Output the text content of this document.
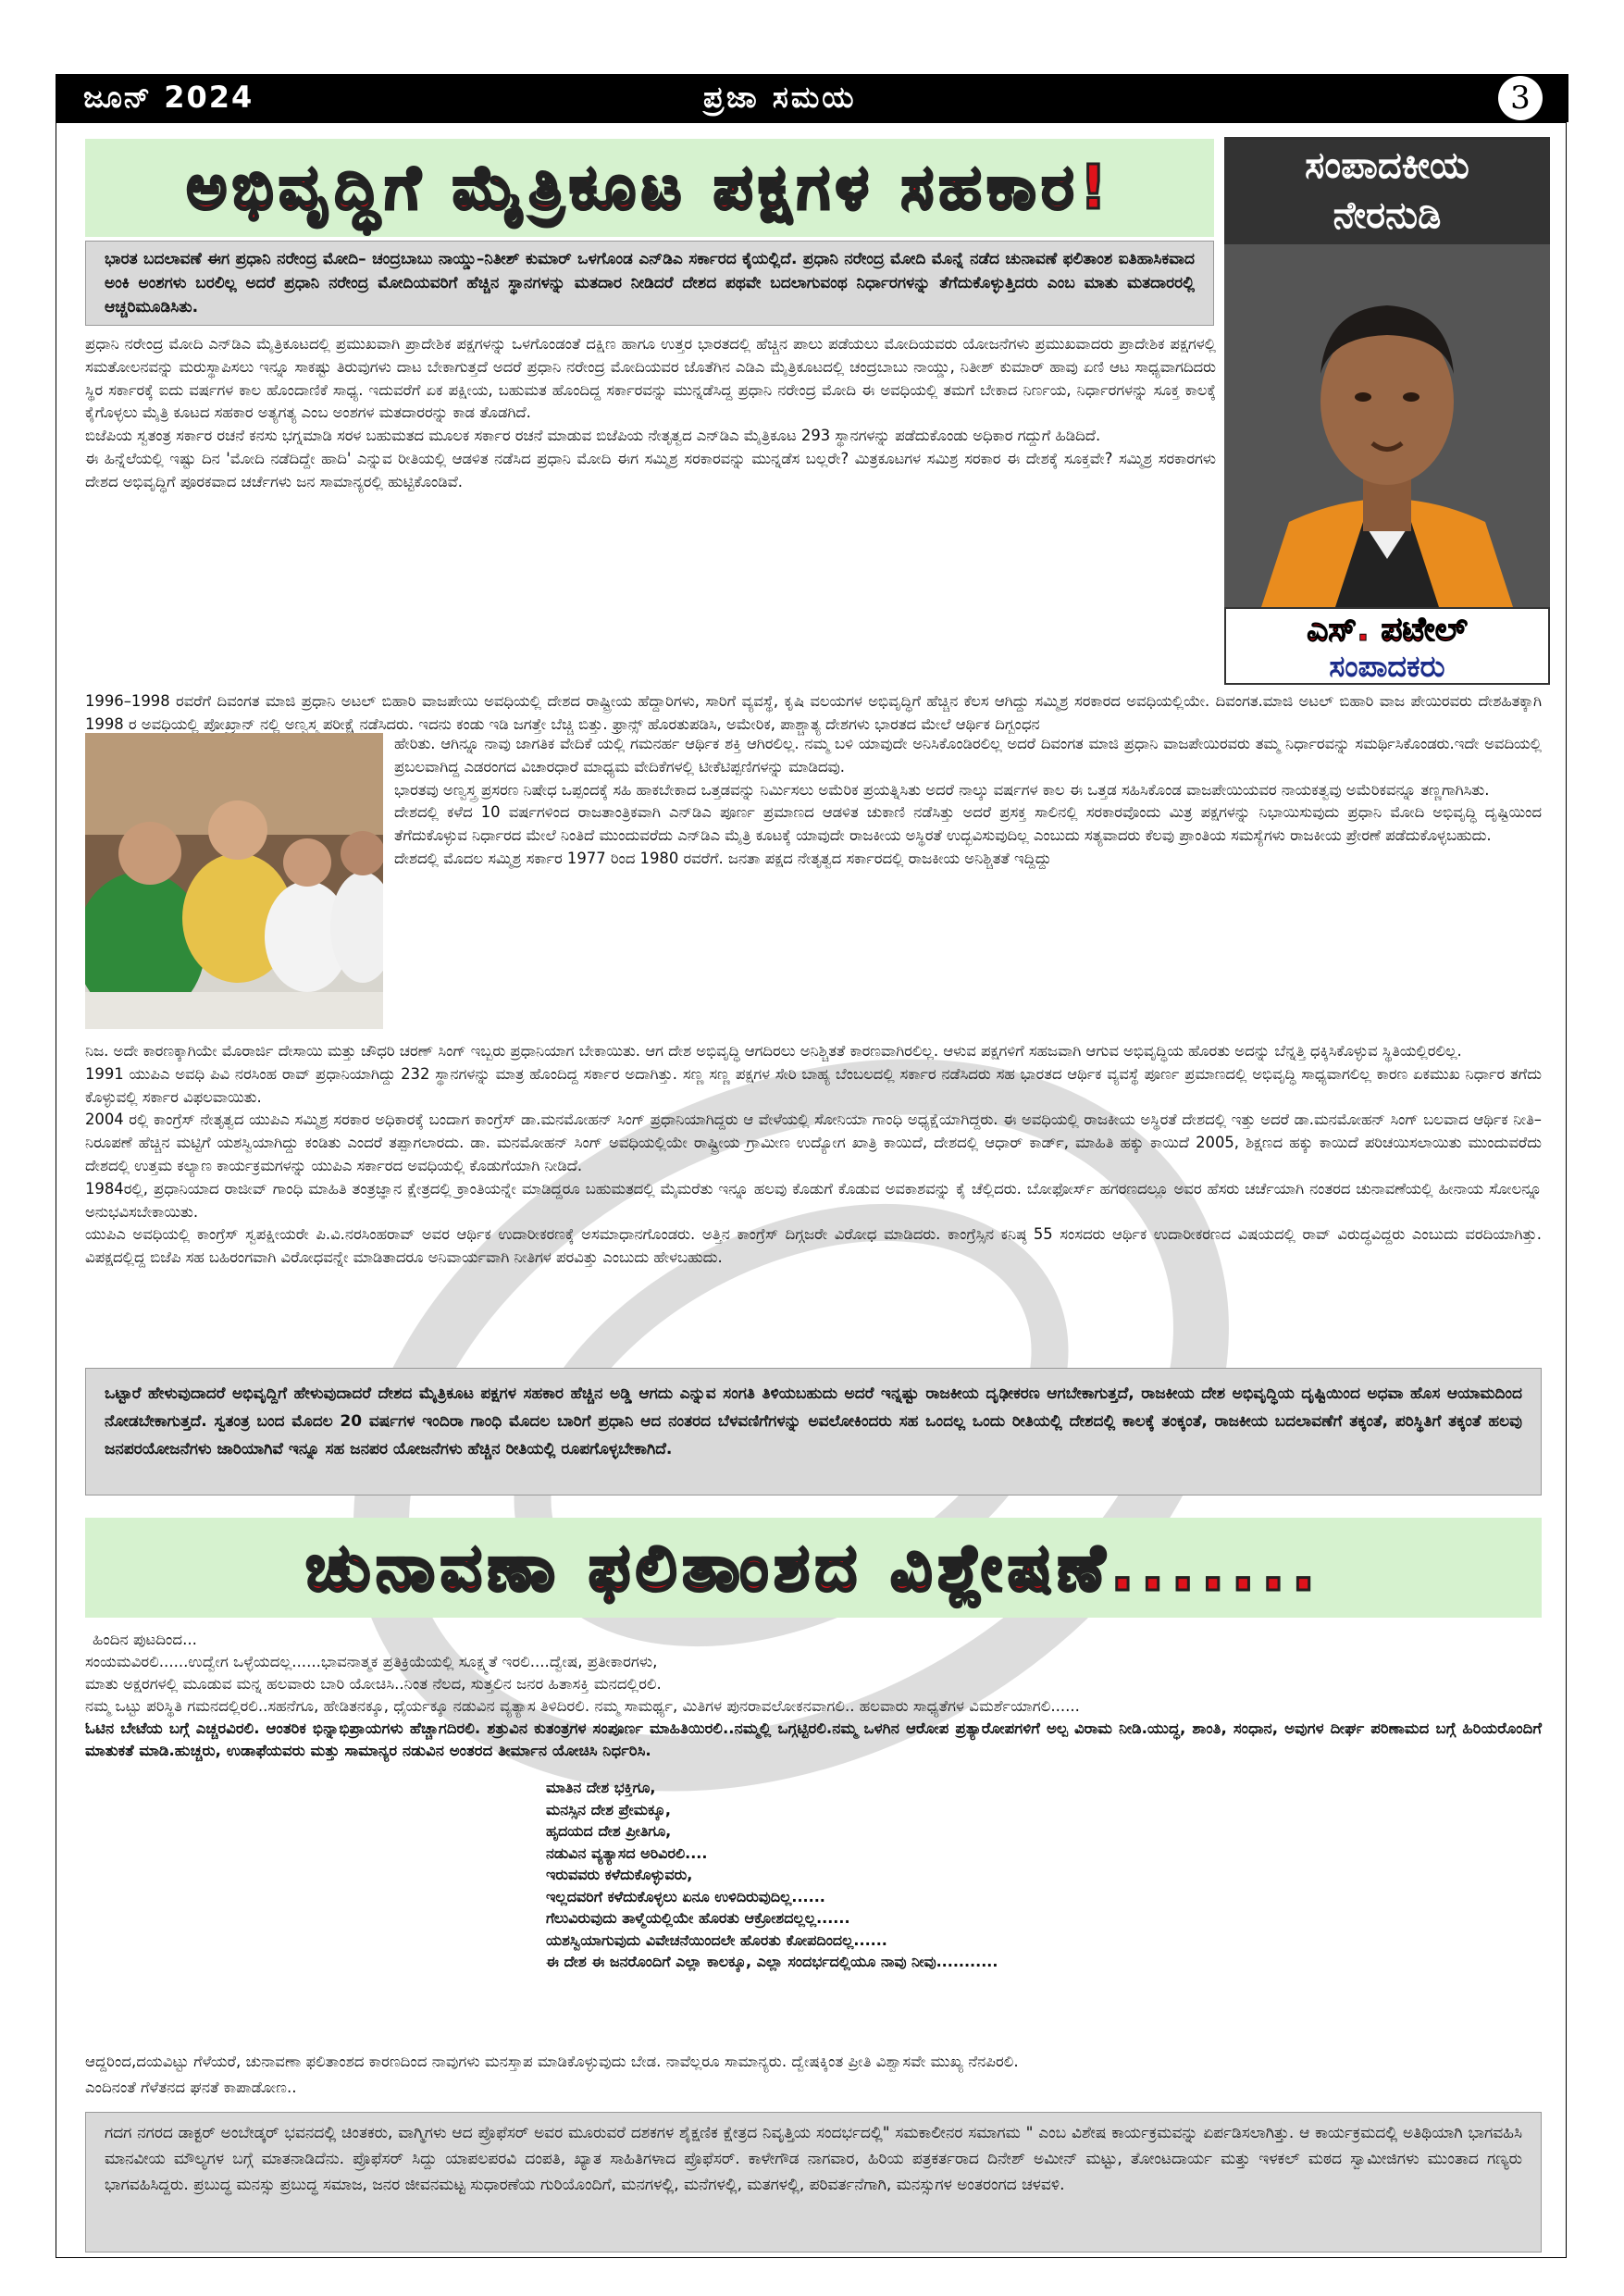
ಜೂನ್ 2024	ಪ್ರಜಾ ಸಮಯ	3
ಅಭಿವೃದ್ಧಿಗೆ ಮೈತ್ರಿಕೂಟ ಪಕ್ಷಗಳ ಸಹಕಾರ!	ಸಂಪಾದಕೀಯ
ನೇರನುಡಿ
ಎಸ್. ಪಟೇಲ್
ಸಂಪಾದಕರು
ಭಾರತ ಬದಲಾವಣೆ ಈಗ ಪ್ರಧಾನಿ ನರೇಂದ್ರ ಮೋದಿ– ಚಂದ್ರಬಾಬು ನಾಯ್ಡು–ನಿತೀಶ್ ಕುಮಾರ್ ಒಳಗೊಂಡ ಎನ್‌ಡಿಎ ಸರ್ಕಾರದ ಕೈಯಲ್ಲಿದೆ. ಪ್ರಧಾನಿ ನರೇಂದ್ರ ಮೋದಿ ಮೊನ್ನೆ ನಡೆದ ಚುನಾವಣೆ ಫಲಿತಾಂಶ ಐತಿಹಾಸಿಕವಾದ ಅಂಕಿ ಅಂಶಗಳು ಬರಲಿಲ್ಲ ಅದರೆ ಪ್ರಧಾನಿ ನರೇಂದ್ರ ಮೋದಿಯವರಿಗೆ ಹೆಚ್ಚಿನ ಸ್ಥಾನಗಳನ್ನು ಮತದಾರ ನೀಡಿದರೆ ದೇಶದ ಪಥವೇ ಬದಲಾಗುವಂಥ ನಿರ್ಧಾರಗಳನ್ನು ತೆಗೆದುಕೊಳ್ಳುತ್ತಿದರು ಎಂಬ ಮಾತು ಮತದಾರರಲ್ಲಿ ಆಚ್ಚರಿಮೂಡಿಸಿತು.

ಪ್ರಧಾನಿ ನರೇಂದ್ರ ಮೋದಿ ಎನ್‌ಡಿಎ ಮೈತ್ರಿಕೂಟದಲ್ಲಿ ಪ್ರಮುಖವಾಗಿ ಪ್ರಾದೇಶಿಕ ಪಕ್ಷಗಳನ್ನು ಒಳಗೊಂಡಂತೆ ದಕ್ಷಿಣ ಹಾಗೂ ಉತ್ತರ ಭಾರತದಲ್ಲಿ ಹೆಚ್ಚಿನ ಪಾಲು ಪಡೆಯಲು ಮೋದಿಯವರು ಯೋಜನೆಗಳು ಪ್ರಮುಖವಾದರು ಪ್ರಾದೇಶಿಕ ಪಕ್ಷಗಳಲ್ಲಿ ಸಮತೋಲನವನ್ನು ಮರುಸ್ಥಾಪಿಸಲು ಇನ್ನೂ ಸಾಕಷ್ಟು ತಿರುವುಗಳು ದಾಟ ಬೇಕಾಗುತ್ತದೆ ಅದರೆ ಪ್ರಧಾನಿ ನರೇಂದ್ರ ಮೋದಿಯವರ ಜೊತೆಗಿನ ಎಡಿಎ ಮೈತ್ರಿಕೂಟದಲ್ಲಿ ಚಂದ್ರಬಾಬು ನಾಯ್ಡು, ನಿತೀಶ್ ಕುಮಾರ್ ಹಾವು ಏಣಿ ಆಟ ಸಾಧ್ಯವಾಗದಿದರು ಸ್ಥಿರ ಸರ್ಕಾರಕ್ಕೆ ಐದು ವರ್ಷಗಳ ಕಾಲ ಹೊಂದಾಣಿಕೆ ಸಾಧ್ಯ. ಇದುವರೆಗೆ ಏಕ ಪಕ್ಷೀಯ, ಬಹುಮತ ಹೊಂದಿದ್ದ ಸರ್ಕಾರವನ್ನು ಮುನ್ನಡೆಸಿದ್ದ ಪ್ರಧಾನಿ ನರೇಂದ್ರ ಮೋದಿ ಈ ಅವಧಿಯಲ್ಲಿ ತಮಗೆ ಬೇಕಾದ ನಿರ್ಣಯ, ನಿರ್ಧಾರಗಳನ್ನು ಸೂಕ್ತ ಕಾಲಕ್ಕೆ ಕೈಗೊಳ್ಳಲು ಮೈತ್ರಿ ಕೂಟದ ಸಹಕಾರ ಅತ್ಯಗತ್ಯ ಎಂಬ ಅಂಶಗಳ ಮತದಾರರನ್ನು ಕಾಡ ತೊಡಗಿದೆ.

ಬಿಜೆಪಿಯ ಸ್ವತಂತ್ರ ಸರ್ಕಾರ ರಚನೆ ಕನಸು ಭಗ್ನಮಾಡಿ ಸರಳ ಬಹುಮತದ ಮೂಲಕ ಸರ್ಕಾರ ರಚನೆ ಮಾಡುವ ಬಿಜೆಪಿಯ ನೇತೃತ್ವದ ಎನ್‌ಡಿಎ ಮೈತ್ರಿಕೂಟ 293 ಸ್ಥಾನಗಳನ್ನು ಪಡೆದುಕೊಂಡು ಅಧಿಕಾರ ಗದ್ದುಗೆ ಹಿಡಿದಿದೆ.

ಈ ಹಿನ್ನೆಲೆಯಲ್ಲಿ ಇಷ್ಟು ದಿನ 'ಮೋದಿ ನಡೆದಿದ್ದೇ ಹಾದಿ' ಎನ್ನುವ ರೀತಿಯಲ್ಲಿ ಆಡಳಿತ ನಡೆಸಿದ ಪ್ರಧಾನಿ ಮೋದಿ ಈಗ ಸಮ್ಮಿಶ್ರ ಸರಕಾರವನ್ನು ಮುನ್ನಡೆಸ ಬಲ್ಲರೇ? ಮಿತ್ರಕೂಟಗಳ ಸಮಿಶ್ರ ಸರಕಾರ ಈ ದೇಶಕ್ಕೆ ಸೂಕ್ತವೇ? ಸಮ್ಮಿಶ್ರ ಸರಕಾರಗಳು ದೇಶದ ಅಭಿವೃದ್ಧಿಗೆ ಪೂರಕವಾದ ಚರ್ಚೆಗಳು ಜನ ಸಾಮಾನ್ಯರಲ್ಲಿ ಹುಟ್ಟಿಕೊಂಡಿವೆ.

1996–1998 ರವರೆಗೆ ದಿವಂಗತ ಮಾಜಿ ಪ್ರಧಾನಿ ಅಟಲ್ ಬಿಹಾರಿ ವಾಜಪೇಯಿ ಅವಧಿಯಲ್ಲಿ ದೇಶದ ರಾಷ್ಟ್ರೀಯ ಹೆದ್ದಾರಿಗಳು, ಸಾರಿಗೆ ವ್ಯವಸ್ಥೆ, ಕೃಷಿ ವಲಯಗಳ ಅಭಿವೃದ್ಧಿಗೆ ಹೆಚ್ಚಿನ ಕೆಲಸ ಆಗಿದ್ದು ಸಮ್ಮಿಶ್ರ ಸರಕಾರದ ಅವಧಿಯಲ್ಲಿಯೇ. ದಿವಂಗತ.ಮಾಜಿ ಅಟಲ್ ಬಿಹಾರಿ ವಾಜ ಪೇಯಿರವರು ದೇಶಹಿತಕ್ಕಾಗಿ 1998 ರ ಅವಧಿಯಲ್ಲಿ ಪೋಖ್ರಾನ್ ನಲ್ಲಿ ಅಣ್ವಸ್ತ್ರ ಪರೀಕ್ಷೆ ನಡೆಸಿದರು. ಇದನು ಕಂಡು ಇಡಿ ಜಗತ್ತೇ ಬೆಚ್ಚಿ ಬಿತ್ತು. ಫ್ರಾನ್ಸ್ ಹೊರತುಪಡಿಸಿ, ಅಮೇರಿಕ, ಪಾಶ್ಚಾತ್ಯ ದೇಶಗಳು ಭಾರತದ ಮೇಲೆ ಆರ್ಥಿಕ ದಿಗ್ಬಂಧನ

ಹೇರಿತು. ಆಗಿನ್ನೂ ನಾವು ಜಾಗತಿಕ ವೇದಿಕೆ ಯಲ್ಲಿ ಗಮನರ್ಹ ಆರ್ಥಿಕ ಶಕ್ತಿ ಆಗಿರಲಿಲ್ಲ. ನಮ್ಮ ಬಳಿ ಯಾವುದೇ ಅನಿಸಿಕೊಂಡಿರಲಿಲ್ಲ ಅದರೆ ದಿವಂಗತ ಮಾಜಿ ಪ್ರಧಾನಿ ವಾಜಪೇಯಿರವರು ತಮ್ಮ ನಿರ್ಧಾರವನ್ನು ಸಮರ್ಥಿಸಿಕೊಂಡರು.ಇದೇ ಅವದಿಯಲ್ಲಿ ಪ್ರಬಲವಾಗಿದ್ದ ಎಡರಂಗದ ವಿಚಾರಧಾರೆ ಮಾಧ್ಯಮ ವೇದಿಕೆಗಳಲ್ಲಿ ಟೀಕೆಟಿಪ್ಪಣಿಗಳನ್ನು ಮಾಡಿದವು.

ಭಾರತವು ಅಣ್ವಸ್ತ್ರ ಪ್ರಸರಣ ನಿಷೇಧ ಒಪ್ಪಂದಕ್ಕೆ ಸಹಿ ಹಾಕಬೇಕಾದ ಒತ್ತಡವನ್ನು ನಿರ್ಮಿಸಲು ಅಮೆರಿಕ ಪ್ರಯತ್ನಿಸಿತು ಅದರೆ ನಾಲ್ಕು ವರ್ಷಗಳ ಕಾಲ ಈ ಒತ್ತಡ ಸಹಿಸಿಕೊಂಡ ವಾಜಪೇಯಿಯವರ ನಾಯಕತ್ವವು ಅಮೆರಿಕವನ್ನೂ ತಣ್ಣಗಾಗಿಸಿತು.

ದೇಶದಲ್ಲಿ ಕಳೆದ 10 ವರ್ಷಗಳಿಂದ ರಾಜತಾಂತ್ರಿಕವಾಗಿ ಎನ್‌ಡಿಎ ಪೂರ್ಣ ಪ್ರಮಾಣದ ಆಡಳಿತ ಚುಕಾಣಿ ನಡೆಸಿತ್ತು ಅದರೆ ಪ್ರಸಕ್ತ ಸಾಲಿನಲ್ಲಿ ಸರಕಾರವೊಂದು ಮಿತ್ರ ಪಕ್ಷಗಳನ್ನು ನಿಭಾಯಿಸುವುದು ಪ್ರಧಾನಿ ಮೋದಿ ಅಭಿವೃದ್ಧಿ ದೃಷ್ಟಿಯಿಂದ ತೆಗೆದುಕೊಳ್ಳುವ ನಿರ್ಧಾರದ ಮೇಲೆ ನಿಂತಿದೆ ಮುಂದುವರೆದು ಎನ್‌ಡಿಎ ಮೈತ್ರಿ ಕೂಟಕ್ಕೆ ಯಾವುದೇ ರಾಜಕೀಯ ಅಸ್ಥಿರತೆ ಉದ್ಭವಿಸುವುದಿಲ್ಲ ಎಂಬುದು ಸತ್ಯವಾದರು ಕೆಲವು ಪ್ರಾಂತಿಯ ಸಮಸ್ಯೆಗಳು ರಾಜಕೀಯ ಪ್ರೇರಣೆ ಪಡೆದುಕೊಳ್ಳಬಹುದು.

ದೇಶದಲ್ಲಿ ಮೊದಲ ಸಮ್ಮಿಶ್ರ ಸರ್ಕಾರ 1977 ರಿಂದ 1980 ರವರೆಗೆ. ಜನತಾ ಪಕ್ಷದ ನೇತೃತ್ವದ ಸರ್ಕಾರದಲ್ಲಿ ರಾಜಕೀಯ ಅನಿಶ್ಚಿತತೆ ಇದ್ದಿದ್ದು

ನಿಜ. ಅದೇ ಕಾರಣಕ್ಕಾಗಿಯೇ ಮೊರಾರ್ಜಿ ದೇಸಾಯಿ ಮತ್ತು ಚೌಧರಿ ಚರಣ್ ಸಿಂಗ್ ಇಬ್ಬರು ಪ್ರಧಾನಿಯಾಗ ಬೇಕಾಯಿತು. ಆಗ ದೇಶ ಅಭಿವೃದ್ಧಿ ಆಗದಿರಲು ಅನಿಶ್ಚಿತತೆ ಕಾರಣವಾಗಿರಲಿಲ್ಲ. ಆಳುವ ಪಕ್ಷಗಳಿಗೆ ಸಹಜವಾಗಿ ಆಗುವ ಅಭಿವೃದ್ಧಿಯ ಹೊರತು ಅದನ್ನು ಬೆನ್ನತ್ತಿ ಧಕ್ಕಿಸಿಕೊಳ್ಳುವ ಸ್ಥಿತಿಯಲ್ಲಿರಲಿಲ್ಲ.

1991 ಯುಪಿಎ ಅವಧಿ ಪಿವಿ ನರಸಿಂಹ ರಾವ್ ಪ್ರಧಾನಿಯಾಗಿದ್ದು 232 ಸ್ಥಾನಗಳನ್ನು ಮಾತ್ರ ಹೊಂದಿದ್ದ ಸರ್ಕಾರ ಅದಾಗಿತ್ತು. ಸಣ್ಣ ಸಣ್ಣ ಪಕ್ಷಗಳ ಸೇರಿ ಬಾಹ್ಯ ಬೆಂಬಲದಲ್ಲಿ ಸರ್ಕಾರ ನಡೆಸಿದರು ಸಹ ಭಾರತದ ಆರ್ಥಿಕ ವ್ಯವಸ್ಥೆ ಪೂರ್ಣ ಪ್ರಮಾಣದಲ್ಲಿ ಅಭಿವೃದ್ಧಿ ಸಾಧ್ಯವಾಗಲಿಲ್ಲ ಕಾರಣ ಏಕಮುಖ ನಿರ್ಧಾರ ತಗೆದು ಕೊಳ್ಳುವಲ್ಲಿ ಸರ್ಕಾರ ವಿಫಲವಾಯಿತು.

2004 ರಲ್ಲಿ ಕಾಂಗ್ರೆಸ್ ನೇತೃತ್ವದ ಯುಪಿಎ ಸಮ್ಮಿಶ್ರ ಸರಕಾರ ಅಧಿಕಾರಕ್ಕೆ ಬಂದಾಗ ಕಾಂಗ್ರೆಸ್ ಡಾ.ಮನಮೋಹನ್ ಸಿಂಗ್ ಪ್ರಧಾನಿಯಾಗಿದ್ದರು ಆ ವೇಳೆಯಲ್ಲಿ ಸೋನಿಯಾ ಗಾಂಧಿ ಅಧ್ಯಕ್ಷೆಯಾಗಿದ್ದರು. ಈ ಅವಧಿಯಲ್ಲಿ ರಾಜಕೀಯ ಅಸ್ಥಿರತೆ ದೇಶದಲ್ಲಿ ಇತ್ತು ಅದರೆ ಡಾ.ಮನಮೋಹನ್ ಸಿಂಗ್ ಬಲವಾದ ಆರ್ಥಿಕ ನೀತಿ–ನಿರೂಪಣೆ ಹೆಚ್ಚಿನ ಮಟ್ಟಿಗೆ ಯಶಸ್ವಿಯಾಗಿದ್ದು ಕಂಡಿತು ಎಂದರೆ ತಪ್ಪಾಗಲಾರದು. ಡಾ. ಮನಮೋಹನ್ ಸಿಂಗ್ ಅವಧಿಯಲ್ಲಿಯೇ ರಾಷ್ಟ್ರೀಯ ಗ್ರಾಮೀಣ ಉದ್ಯೋಗ ಖಾತ್ರಿ ಕಾಯಿದೆ, ದೇಶದಲ್ಲಿ ಆಧಾರ್ ಕಾರ್ಡ್, ಮಾಹಿತಿ ಹಕ್ಕು ಕಾಯಿದೆ 2005, ಶಿಕ್ಷಣದ ಹಕ್ಕು ಕಾಯಿದೆ ಪರಿಚಯಿಸಲಾಯಿತು ಮುಂದುವರೆದು ದೇಶದಲ್ಲಿ ಉತ್ತಮ ಕಲ್ಯಾಣ ಕಾರ್ಯಕ್ರಮಗಳನ್ನು ಯುಪಿಎ ಸರ್ಕಾರದ ಅವಧಿಯಲ್ಲಿ ಕೊಡುಗೆಯಾಗಿ ನೀಡಿದೆ.

1984ರಲ್ಲಿ, ಪ್ರಧಾನಿಯಾದ ರಾಜೀವ್ ಗಾಂಧಿ ಮಾಹಿತಿ ತಂತ್ರಜ್ಞಾನ ಕ್ಷೇತ್ರದಲ್ಲಿ ಕ್ರಾಂತಿಯನ್ನೇ ಮಾಡಿದ್ದರೂ ಬಹುಮತದಲ್ಲಿ ಮೈಮರೆತು ಇನ್ನೂ ಹಲವು ಕೊಡುಗೆ ಕೊಡುವ ಅವಕಾಶವನ್ನು ಕೈ ಚೆಲ್ಲಿದರು. ಬೋಫೋರ್ಸ್ ಹಗರಣದಲ್ಲೂ ಅವರ ಹೆಸರು ಚರ್ಚೆಯಾಗಿ ನಂತರದ ಚುನಾವಣೆಯಲ್ಲಿ ಹೀನಾಯ ಸೋಲನ್ನೂ ಅನುಭವಿಸಬೇಕಾಯಿತು.

ಯುಪಿಎ ಅವಧಿಯಲ್ಲಿ ಕಾಂಗ್ರೆಸ್ ಸ್ವಪಕ್ಷೀಯರೇ ಪಿ.ವಿ.ನರಸಿಂಹರಾವ್ ಅವರ ಆರ್ಥಿಕ ಉದಾರೀಕರಣಕ್ಕೆ ಅಸಮಾಧಾನಗೊಂಡರು. ಅತ್ತಿನ ಕಾಂಗ್ರೆಸ್ ದಿಗ್ಗಜರೇ ವಿರೋಧ ಮಾಡಿದರು. ಕಾಂಗ್ರೆಸ್ಸಿನ ಕನಿಷ್ಠ 55 ಸಂಸದರು ಆರ್ಥಿಕ ಉದಾರೀಕರಣದ ವಿಷಯದಲ್ಲಿ ರಾವ್ ವಿರುದ್ಧವಿದ್ದರು ಎಂಬುದು ವರದಿಯಾಗಿತ್ತು. ವಿಪಕ್ಷದಲ್ಲಿದ್ದ ಬಿಜೆಪಿ ಸಹ ಬಹಿರಂಗವಾಗಿ ವಿರೋಧವನ್ನೇ ಮಾಡಿತಾದರೂ ಅನಿವಾರ್ಯವಾಗಿ ನೀತಿಗಳ ಪರವಿತ್ತು ಎಂಬುದು ಹೇಳಬಹುದು.

ಒಟ್ಟಾರೆ ಹೇಳುವುದಾದರೆ ಅಭಿವೃದ್ದಿಗೆ ಹೇಳುವುದಾದರೆ ದೇಶದ ಮೈತ್ರಿಕೂಟ ಪಕ್ಷಗಳ ಸಹಕಾರ ಹೆಚ್ಚಿನ ಅಡ್ಡಿ ಆಗದು ಎನ್ನುವ ಸಂಗತಿ ತಿಳಿಯಬಹುದು ಅದರೆ ಇನ್ನಷ್ಟು ರಾಜಕೀಯ ದೃಢೀಕರಣ ಆಗಬೇಕಾಗುತ್ತದೆ, ರಾಜಕೀಯ ದೇಶ ಅಭಿವೃದ್ಧಿಯ ದೃಷ್ಟಿಯಿಂದ ಅಧವಾ ಹೊಸ ಆಯಾಮದಿಂದ ನೋಡಬೇಕಾಗುತ್ತದೆ. ಸ್ವತಂತ್ರ ಬಂದ ಮೊದಲ 20 ವರ್ಷಗಳ ಇಂದಿರಾ ಗಾಂಧಿ ಮೊದಲ ಬಾರಿಗೆ ಪ್ರಧಾನಿ ಆದ ನಂತರದ ಬೆಳವಣಿಗೆಗಳನ್ನು ಅವಲೋಕಿಂದರು ಸಹ ಒಂದಲ್ಲ ಒಂದು ರೀತಿಯಲ್ಲಿ ದೇಶದಲ್ಲಿ ಕಾಲಕ್ಕೆ ತಂಕ್ಕಂತೆ, ರಾಜಕೀಯ ಬದಲಾವಣೆಗೆ ತಕ್ಕಂತೆ, ಪರಿಸ್ಥಿತಿಗೆ ತಕ್ಕಂತೆ ಹಲವು ಜನಪರಯೋಜನೆಗಳು ಜಾರಿಯಾಗಿವೆ ಇನ್ನೂ ಸಹ ಜನಪರ ಯೋಜನೆಗಳು ಹೆಚ್ಚಿನ ರೀತಿಯಲ್ಲಿ ರೂಪಗೊಳ್ಳಬೇಕಾಗಿದೆ.
ಚುನಾವಣಾ ಫಲಿತಾಂಶದ ವಿಶ್ಲೇಷಣೆ.......

ಹಿಂದಿನ ಪುಟದಿಂದ...

ಸಂಯಮವಿರಲಿ......ಉದ್ವೇಗ ಒಳ್ಳೆಯದಲ್ಲ......ಭಾವನಾತ್ಮಕ ಪ್ರತಿಕ್ರಿಯೆಯಲ್ಲಿ ಸೂಕ್ಷ್ಮತೆ ಇರಲಿ....ದ್ವೇಷ, ಪ್ರತೀಕಾರಗಳು,

ಮಾತು ಅಕ್ಷರಗಳಲ್ಲಿ ಮೂಡುವ ಮನ್ನ ಹಲವಾರು ಬಾರಿ ಯೋಚಿಸಿ..ನಿಂತ ನೆಲದ, ಸುತ್ತಲಿನ ಜನರ ಹಿತಾಸಕ್ತಿ ಮನದಲ್ಲಿರಲಿ.

ನಮ್ಮ ಒಟ್ಟು ಪರಿಸ್ಥಿತಿ ಗಮನದಲ್ಲಿರಲಿ..ಸಹನೆಗೂ, ಹೇಡಿತನಕ್ಕೂ, ಧೈರ್ಯಕ್ಕೂ ನಡುವಿನ ವ್ಯತ್ಯಾಸ ತಿಳಿದಿರಲಿ. ನಮ್ಮ ಸಾಮರ್ಥ್ಯ, ಮಿತಿಗಳ ಪುನರಾವಲೋಕನವಾಗಲಿ.. ಹಲವಾರು ಸಾಧ್ಯತೆಗಳ ವಿಮರ್ಶೆಯಾಗಲಿ......

ಓಟಿನ ಬೇಟೆಯ ಬಗ್ಗೆ ಎಚ್ಚರವಿರಲಿ. ಆಂತರಿಕ ಭಿನ್ನಾಭಿಪ್ರಾಯಗಳು ಹೆಚ್ಚಾಗದಿರಲಿ. ಶತ್ರುವಿನ ಕುತಂತ್ರಗಳ ಸಂಪೂರ್ಣ ಮಾಹಿತಿಯಿರಲಿ..ನಮ್ಮಲ್ಲಿ ಒಗ್ಗಟ್ಟಿರಲಿ.ನಮ್ಮ ಒಳಗಿನ ಆರೋಪ ಪ್ರತ್ಯಾರೋಪಗಳಿಗೆ ಅಲ್ಪ ವಿರಾಮ ನೀಡಿ.ಯುದ್ಧ, ಶಾಂತಿ, ಸಂಧಾನ, ಅವುಗಳ ದೀರ್ಘ ಪರಿಣಾಮದ ಬಗ್ಗೆ ಹಿರಿಯರೊಂದಿಗೆ ಮಾತುಕತೆ ಮಾಡಿ.ಹುಚ್ಚರು, ಉಡಾಫೆಯವರು ಮತ್ತು ಸಾಮಾನ್ಯರ ನಡುವಿನ ಅಂತರದ ತೀರ್ಮಾನ ಯೋಚಿಸಿ ನಿರ್ಧರಿಸಿ.

ಮಾತಿನ ದೇಶ ಭಕ್ತಿಗೂ,
ಮನಸ್ಸಿನ ದೇಶ ಪ್ರೇಮಕ್ಕೂ,
ಹೃದಯದ ದೇಶ ಪ್ರೀತಿಗೂ,
ನಡುವಿನ ವ್ಯತ್ಯಾಸದ ಅರಿವಿರಲಿ....
ಇರುವವರು ಕಳೆದುಕೊಳ್ಳುವರು,
ಇಲ್ಲದವರಿಗೆ ಕಳೆದುಕೊಳ್ಳಲು ಏನೂ ಉಳಿದಿರುವುದಿಲ್ಲ......
ಗೆಲುವಿರುವುದು ತಾಳ್ಮೆಯಲ್ಲಿಯೇ ಹೊರತು ಆಕ್ರೋಶದಲ್ಲಲ್ಲ......
ಯಶಸ್ವಿಯಾಗುವುದು ವಿವೇಚನೆಯಿಂದಲೇ ಹೊರತು ಕೋಪದಿಂದಲ್ಲ......
ಈ ದೇಶ ಈ ಜನರೊಂದಿಗೆ ಎಲ್ಲಾ ಕಾಲಕ್ಕೂ, ಎಲ್ಲಾ ಸಂದರ್ಭದಲ್ಲಿಯೂ ನಾವು ನೀವು...........

ಆದ್ದರಿಂದ,ದಯವಿಟ್ಟು ಗೆಳೆಯರೆ, ಚುನಾವಣಾ ಫಲಿತಾಂಶದ ಕಾರಣದಿಂದ ನಾವುಗಳು ಮನಸ್ತಾಪ ಮಾಡಿಕೊಳ್ಳುವುದು ಬೇಡ. ನಾವೆಲ್ಲರೂ ಸಾಮಾನ್ಯರು. ದ್ವೇಷಕ್ಕಿಂತ ಪ್ರೀತಿ ವಿಶ್ವಾಸವೇ ಮುಖ್ಯ ನೆನಪಿರಲಿ.

ಎಂದಿನಂತೆ ಗೆಳೆತನದ ಘನತೆ ಕಾಪಾಡೋಣ..

ಗದಗ ನಗರದ ಡಾಕ್ಟರ್ ಅಂಬೇಡ್ಕರ್ ಭವನದಲ್ಲಿ ಚಿಂತಕರು, ವಾಗ್ಮಿಗಳು ಆದ ಪ್ರೊಫೆಸರ್ ಅವರ ಮೂರುವರೆ ದಶಕಗಳ ಶೈಕ್ಷಣಿಕ ಕ್ಷೇತ್ರದ ನಿವೃತ್ತಿಯ ಸಂದರ್ಭದಲ್ಲಿ" ಸಮಕಾಲೀನರ ಸಮಾಗಮ " ಎಂಬ ವಿಶೇಷ ಕಾರ್ಯಕ್ರಮವನ್ನು ಏರ್ಪಡಿಸಲಾಗಿತ್ತು. ಆ ಕಾರ್ಯಕ್ರಮದಲ್ಲಿ ಅತಿಥಿಯಾಗಿ ಭಾಗವಹಿಸಿ ಮಾನವೀಯ ಮೌಲ್ಯಗಳ ಬಗ್ಗೆ ಮಾತನಾಡಿದೆನು. ಪ್ರೊಫೆಸರ್ ಸಿದ್ದು ಯಾಪಲಪರವಿ ದಂಪತಿ, ಖ್ಯಾತ ಸಾಹಿತಿಗಳಾದ ಪ್ರೊಫೆಸರ್. ಕಾಳೇಗೌಡ ನಾಗವಾರ, ಹಿರಿಯ ಪತ್ರಕರ್ತರಾದ ದಿನೇಶ್ ಅಮೀನ್ ಮಟ್ಟು, ತೋಂಟದಾರ್ಯ ಮತ್ತು ಇಳಕಲ್ ಮಠದ ಸ್ವಾಮೀಜಿಗಳು ಮುಂತಾದ ಗಣ್ಯರು ಭಾಗವಹಿಸಿದ್ದರು. ಪ್ರಬುದ್ಧ ಮನಸ್ಸು ಪ್ರಬುದ್ಧ ಸಮಾಜ, ಜನರ ಜೀವನಮಟ್ಟ ಸುಧಾರಣೆಯ ಗುರಿಯೊಂದಿಗೆ, ಮನಗಳಲ್ಲಿ, ಮನೆಗಳಲ್ಲಿ, ಮತಗಳಲ್ಲಿ, ಪರಿವರ್ತನೆಗಾಗಿ, ಮನಸ್ಸುಗಳ ಅಂತರಂಗದ ಚಳವಳಿ.
